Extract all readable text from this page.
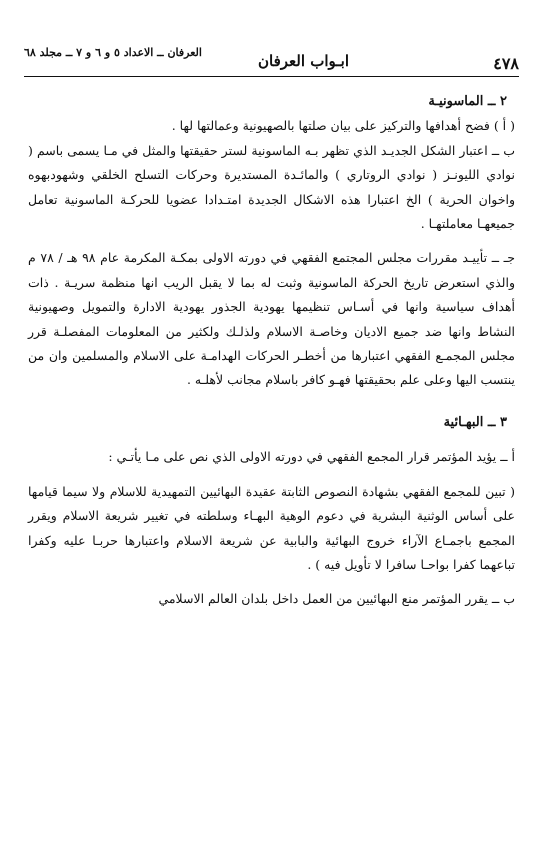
٤٧٨
ابـواب العرفان
العرفان ــ الاعداد ٥ و ٦ و ٧ ــ مجلد ٦٨
٢ ــ الماسونيـة

( أ ) فضح أهدافها والتركيز على بيان صلتها بالصهيونية وعمالتها لها .

ب ــ اعتبار الشكل الجديـد الذي تظهر بـه الماسونية لستر حقيقتها والمثل في مـا يسمى باسم ( نوادي الليونـز ( نوادي الروتاري ) والمائـدة المستديرة وحركات التسلح الخلقي وشهودبهوه واخوان الحرية ) الخ اعتبارا هذه الاشكال الجديدة امتـدادا عضويا للحركـة الماسونية تعامل جميعهـا معاملتهـا .

جـ ــ تأييـد مقررات مجلس المجتمع الفقهي في دورته الاولى بمكـة المكرمة عام ٩٨ هـ / ٧٨ م والذي استعرض تاريخ الحركة الماسونية وثبت له بما لا يقبل الريب انها منظمة سريـة . ذات أهداف سياسية وانها في أسـاس تنظيمها يهودية الجذور يهودية الادارة والتمويل وصهيونية النشاط وانها ضد جميع الاديان وخاصـة الاسلام ولذلـك ولكثير من المعلومات المفصلـة قرر مجلس المجمـع الفقهي اعتبارها من أخطـر الحركات الهدامـة على الاسلام والمسلمين وان من ينتسب اليها وعلى علم بحقيقتها فهـو كافر باسلام مجانب لأهلـه .

٣ ــ البهـائية

أ ــ يؤيد المؤتمر قرار المجمع الفقهي في دورته الاولى الذي نص على مـا يأتـي :

( تبين للمجمع الفقهي بشهادة النصوص الثابتة عقيدة البهائيين التمهيدية للاسلام ولا سيما قيامها على أساس الوثنية البشرية في دعوم الوهية البهـاء وسلطته في تغيير شريعة الاسلام ويقرر المجمع باجمـاع الآراء خروج البهائية والبابية عن شريعة الاسلام واعتبارها حربـا عليه وكفرا تباعهما كفرا بواحـا سافرا لا تأويل فيه ) .

ب ــ يقرر المؤتمر منع البهائيين من العمل داخل بلدان العالم الاسلامي
